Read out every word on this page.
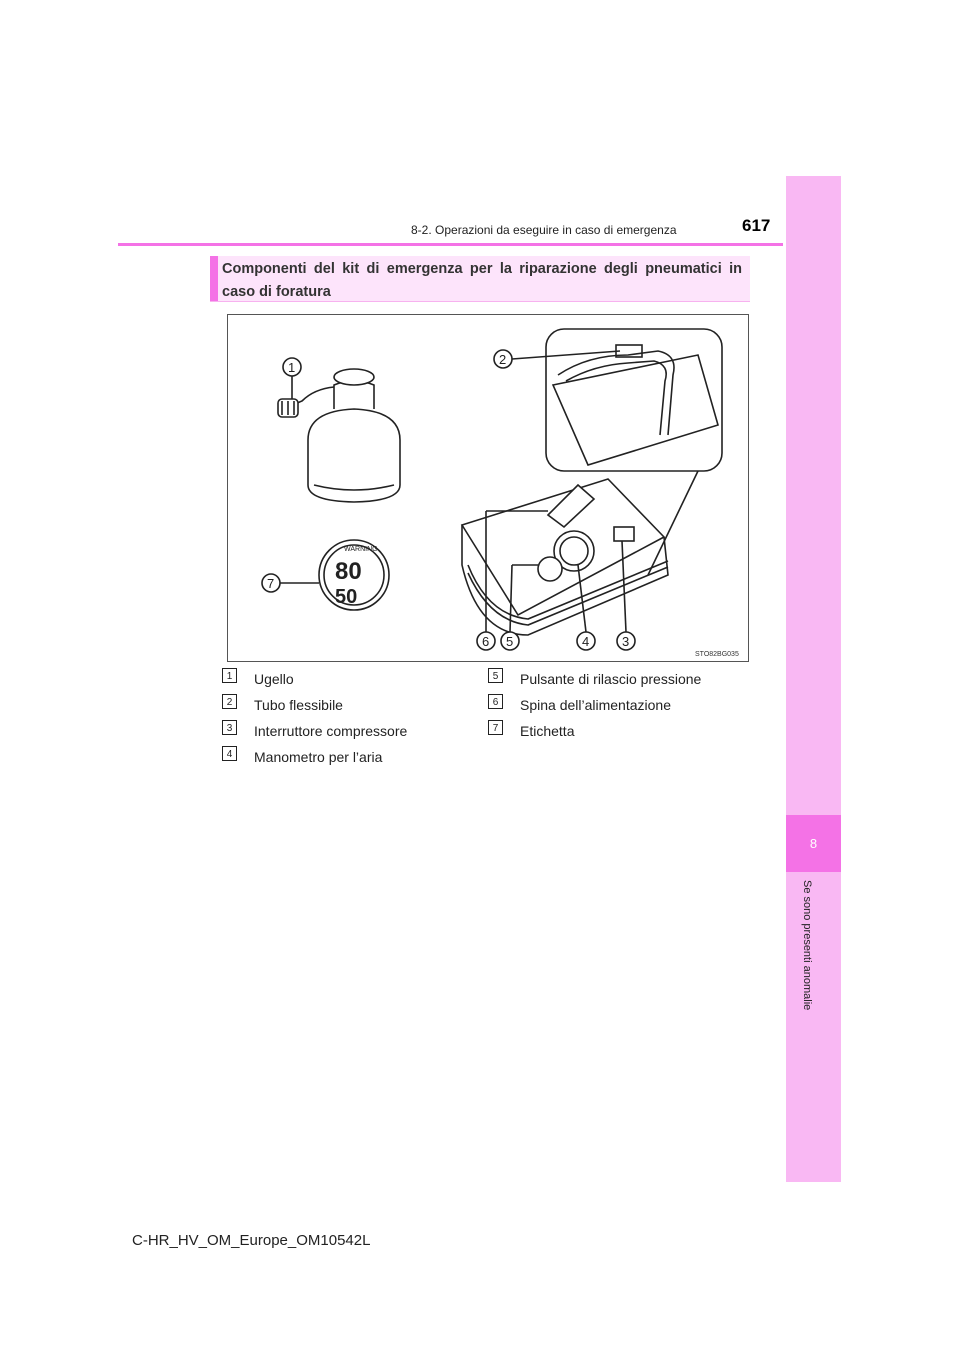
8
Se sono presenti anomalie
8-2. Operazioni da eseguire in caso di emergenza	617
Componenti del kit di emergenza per la riparazione degli pneumatici in caso di foratura
1
80
50
WARNING
7
2
6 5	4	3
STO82BG035
1	Ugello
2	Tubo flessibile
3	Interruttore compressore
4	Manometro per l’aria
5	Pulsante di rilascio pressione
6	Spina dell’alimentazione
7	Etichetta
C-HR_HV_OM_Europe_OM10542L
